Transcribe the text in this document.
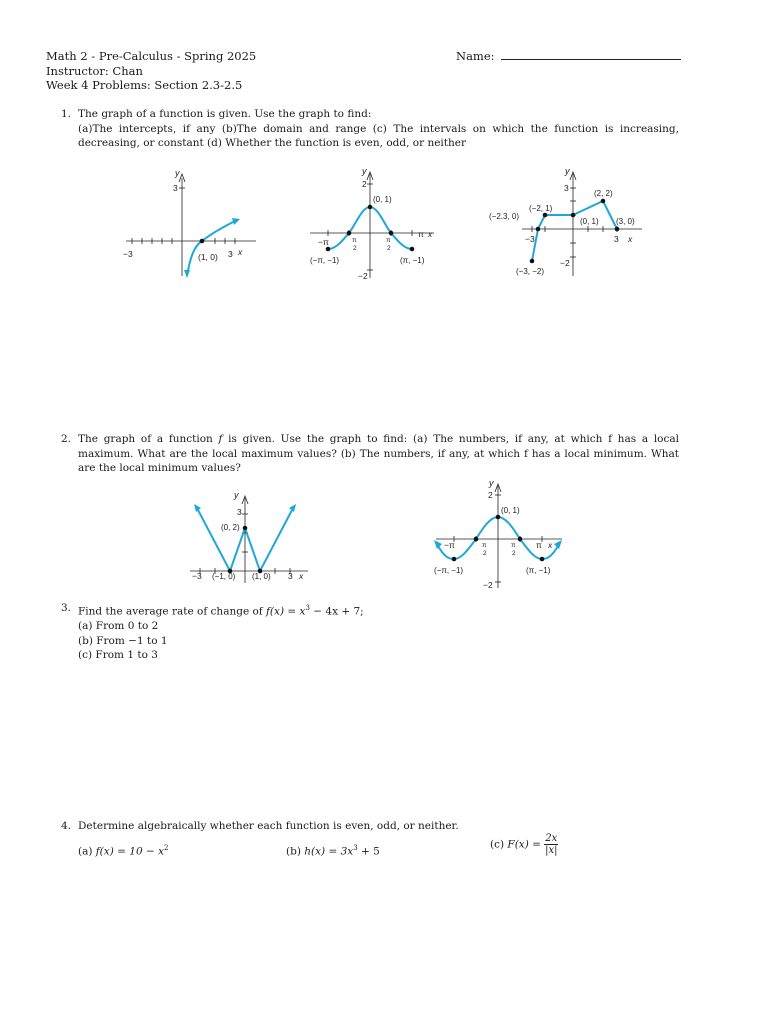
Math 2 - Pre-Calculus - Spring 2025
Instructor: Chan
Week 4 Problems: Section 2.3-2.5
Name:
1. The graph of a function is given. Use the graph to find:
(a)The intercepts, if any (b)The domain and range (c) The intervals on which the function is increasing, decreasing, or constant (d) Whether the function is even, odd, or neither
y
3
−3	3 x
(1, 0)
y
2
−2
−π
π x
π
2
π
2
(0, 1)
(−π, −1)	(π, −1)
y
3
−2
−3	3 x
(−2.3, 0)
(−2, 1)
(2, 2)
(0, 1) (3, 0)
(−3, −2)
2. The graph of a function f is given. Use the graph to find: (a) The numbers, if any, at which f has a local maximum. What are the local maximum values? (b) The numbers, if any, at which f has a local minimum. What are the local minimum values?
y
3
−3	3 x
(0, 2)
(−1, 0) (1, 0)
y
2
−2
−π	π x
π
2
π
2
(0, 1)
(−π, −1)	(π, −1)
3. Find the average rate of change of $f(x) = x^3 - 4x + 7$;
(a) From 0 to 2
(b) From −1 to 1
(c) From 1 to 3
4. Determine algebraically whether each function is even, odd, or neither.
(a) $f(x) = 10 - x^2$	(b) $h(x) = 3x^3 + 5$
(c) $F(x) = \frac{2x}{|x|}$
